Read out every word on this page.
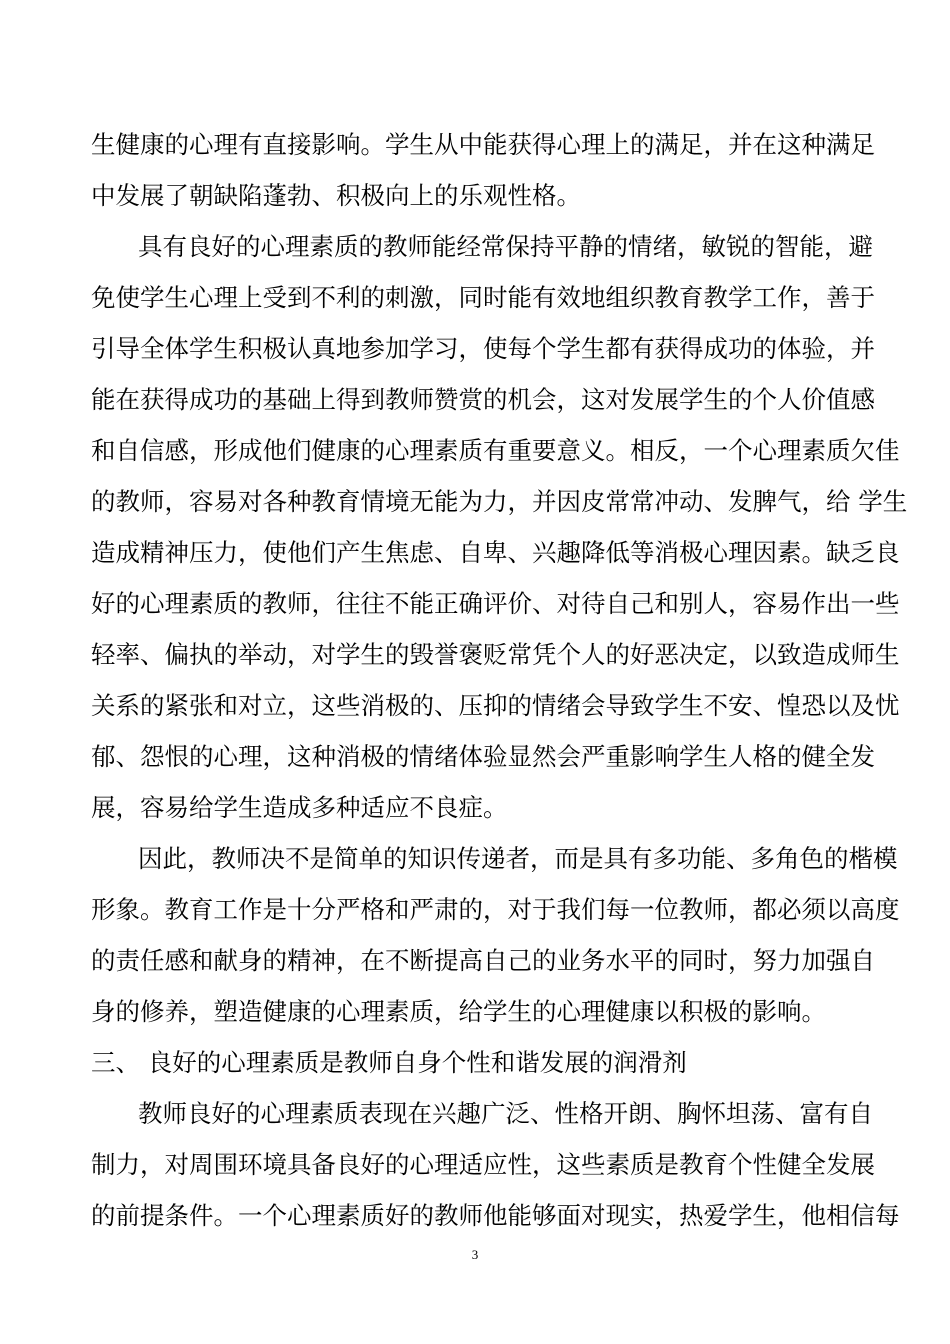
生健康的心理有直接影响。学生从中能获得心理上的满足，并在这种满足
中发展了朝缺陷蓬勃、积极向上的乐观性格。
具有良好的心理素质的教师能经常保持平静的情绪，敏锐的智能，避
免使学生心理上受到不利的刺激，同时能有效地组织教育教学工作，善于
引导全体学生积极认真地参加学习，使每个学生都有获得成功的体验，并
能在获得成功的基础上得到教师赞赏的机会，这对发展学生的个人价值感
和自信感，形成他们健康的心理素质有重要意义。相反，一个心理素质欠佳
的教师，容易对各种教育情境无能为力，并因皮常常冲动、发脾气，给 学生
造成精神压力，使他们产生焦虑、自卑、兴趣降低等消极心理因素。缺乏良
好的心理素质的教师，往往不能正确评价、对待自己和别人，容易作出一些
轻率、偏执的举动，对学生的毁誉褒贬常凭个人的好恶决定，以致造成师生
关系的紧张和对立，这些消极的、压抑的情绪会导致学生不安、惶恐以及忧
郁、怨恨的心理，这种消极的情绪体验显然会严重影响学生人格的健全发
展，容易给学生造成多种适应不良症。
因此，教师决不是简单的知识传递者，而是具有多功能、多角色的楷模
形象。教育工作是十分严格和严肃的，对于我们每一位教师，都必须以高度
的责任感和献身的精神，在不断提高自己的业务水平的同时，努力加强自
身的修养，塑造健康的心理素质，给学生的心理健康以积极的影响。
三、 良好的心理素质是教师自身个性和谐发展的润滑剂
教师良好的心理素质表现在兴趣广泛、性格开朗、胸怀坦荡、富有自
制力，对周围环境具备良好的心理适应性，这些素质是教育个性健全发展
的前提条件。一个心理素质好的教师他能够面对现实，热爱学生，他相信每
3
